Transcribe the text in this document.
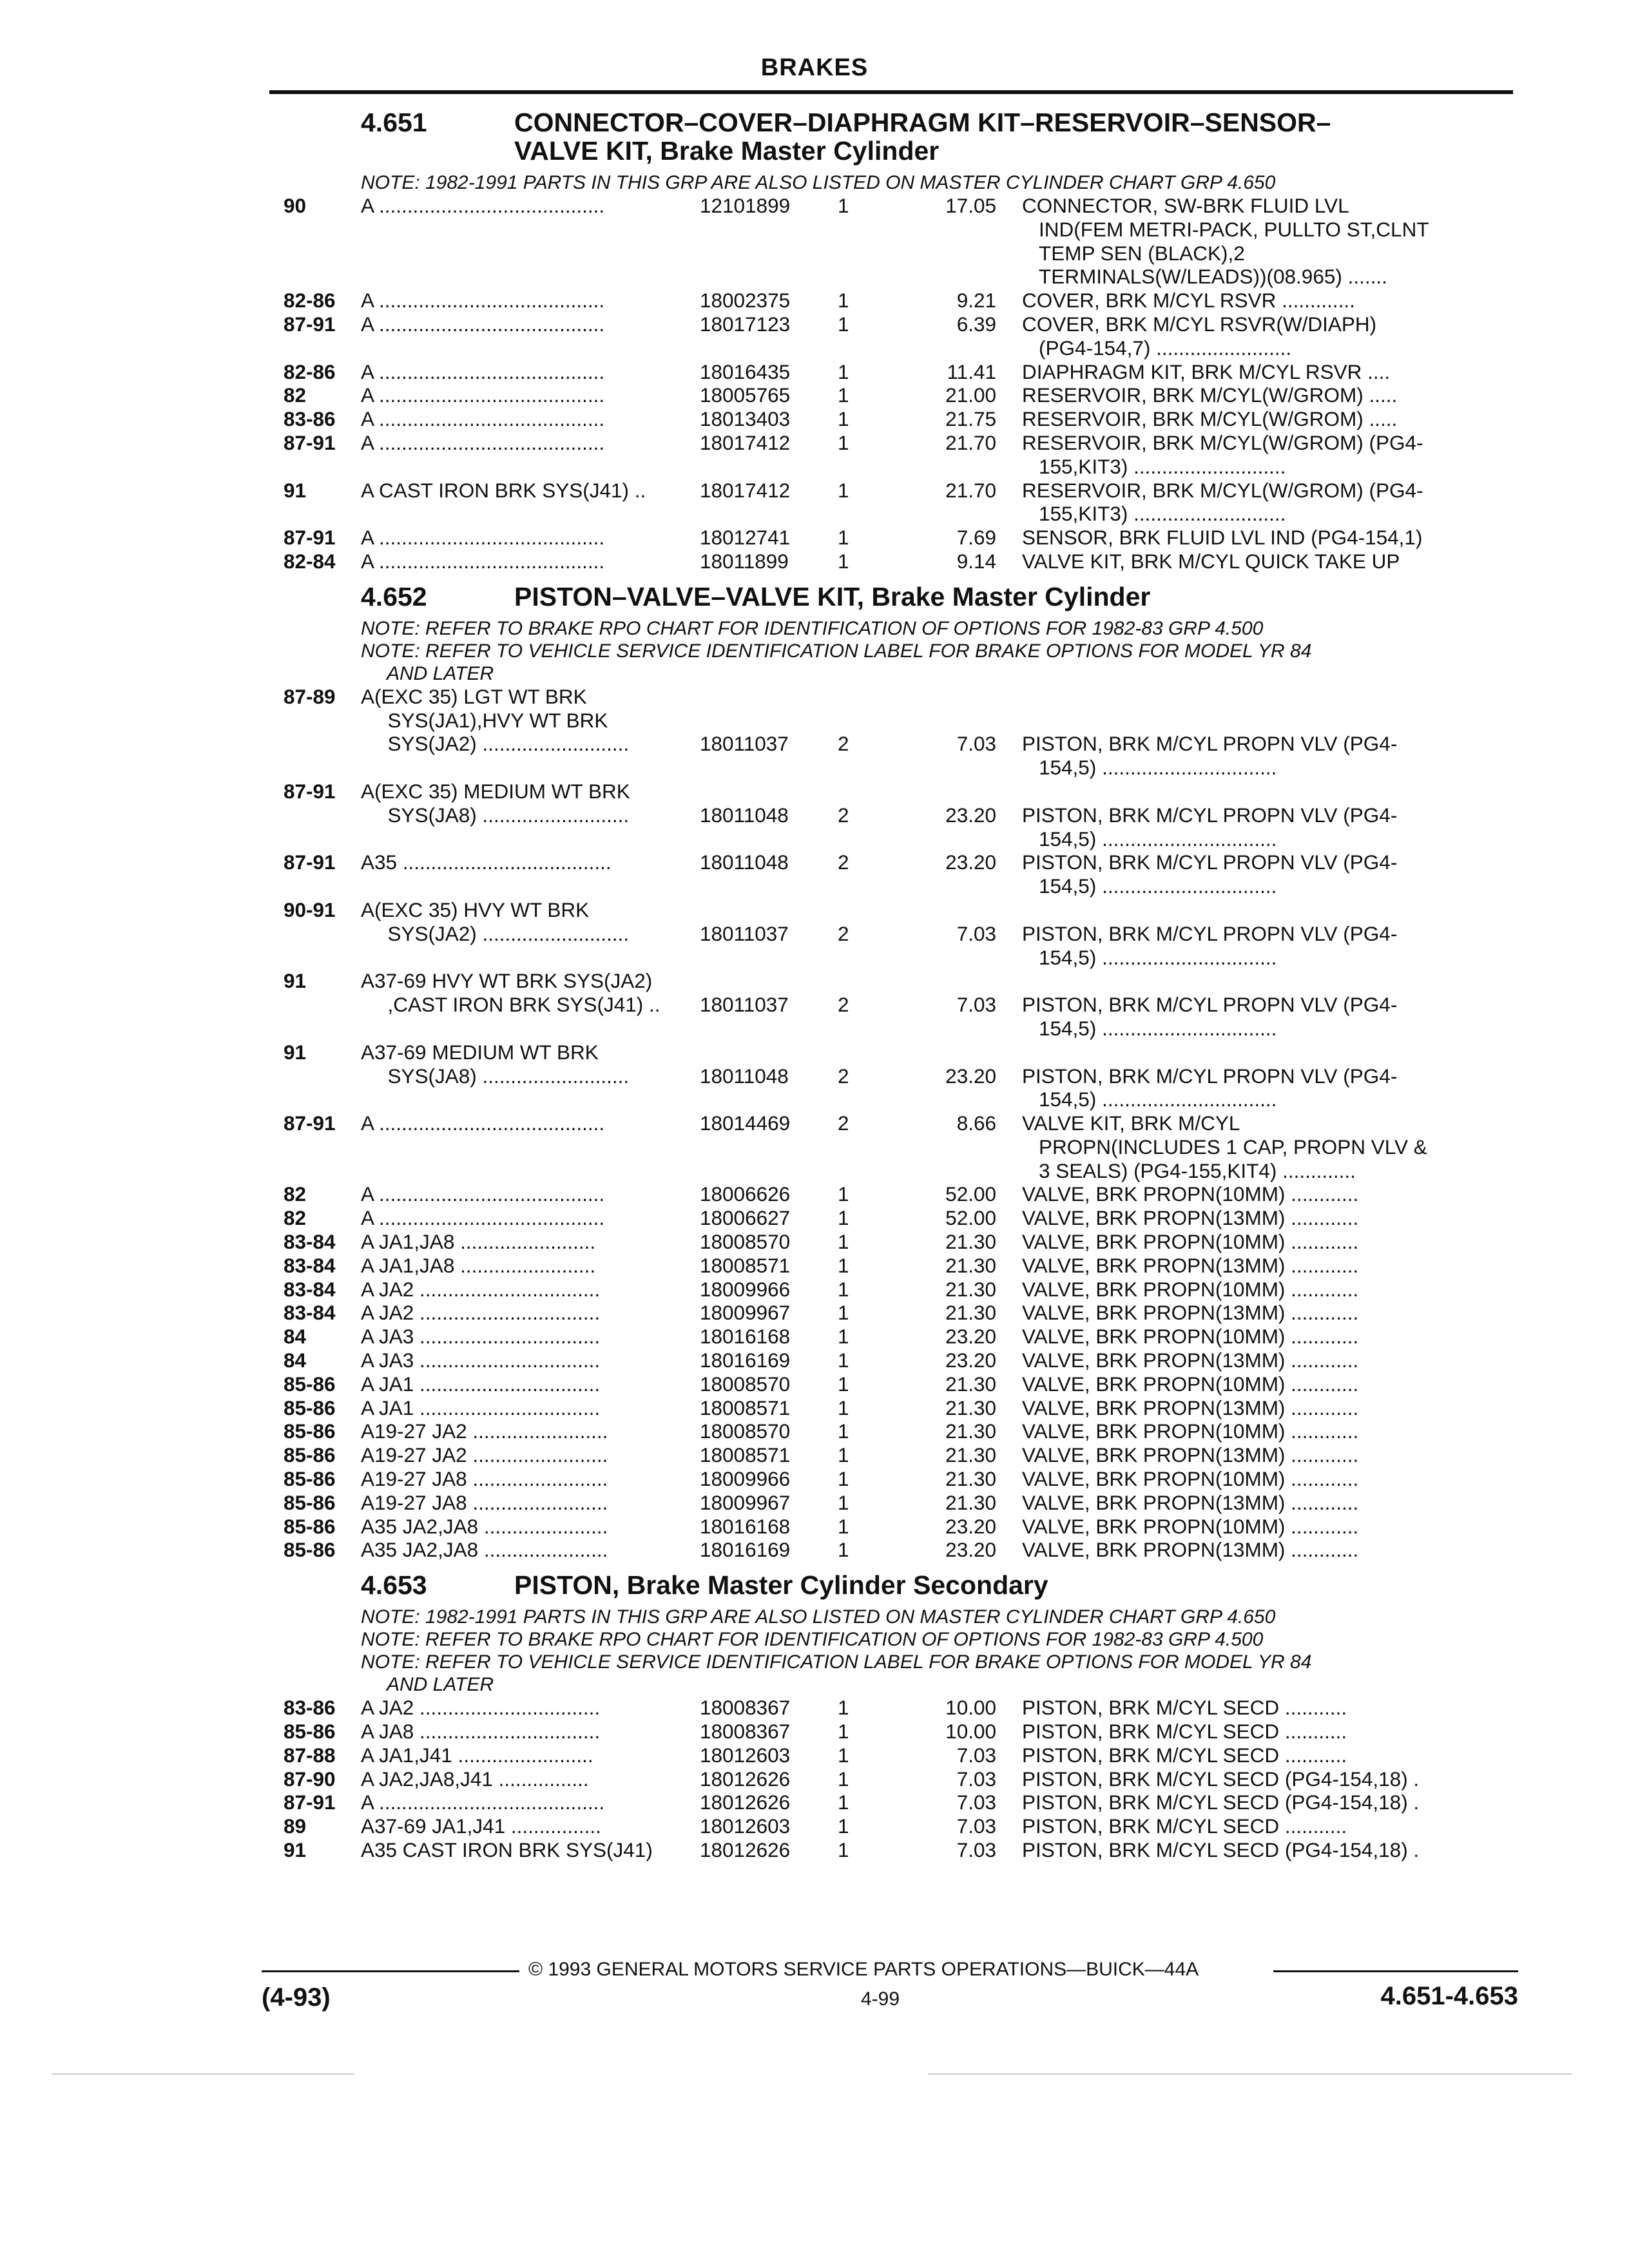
BRAKES
4.651	CONNECTOR–COVER–DIAPHRAGM KIT–RESERVOIR–SENSOR–
VALVE KIT, Brake Master Cylinder
NOTE: 1982-1991 PARTS IN THIS GRP ARE ALSO LISTED ON MASTER CYLINDER CHART GRP 4.650
90	A ........................................	12101899	1	17.05	CONNECTOR, SW-BRK FLUID LVL
IND(FEM METRI-PACK, PULLTO ST,CLNT
TEMP SEN (BLACK),2
TERMINALS(W/LEADS))(08.965) .......
82-86	A ........................................	18002375	1	9.21	COVER, BRK M/CYL RSVR .............
87-91	A ........................................	18017123	1	6.39	COVER, BRK M/CYL RSVR(W/DIAPH)
(PG4-154,7) ........................
82-86	A ........................................	18016435	1	11.41	DIAPHRAGM KIT, BRK M/CYL RSVR ....
82	A ........................................	18005765	1	21.00	RESERVOIR, BRK M/CYL(W/GROM) .....
83-86	A ........................................	18013403	1	21.75	RESERVOIR, BRK M/CYL(W/GROM) .....
87-91	A ........................................	18017412	1	21.70	RESERVOIR, BRK M/CYL(W/GROM) (PG4-
155,KIT3) ...........................
91	A CAST IRON BRK SYS(J41) ..	18017412	1	21.70	RESERVOIR, BRK M/CYL(W/GROM) (PG4-
155,KIT3) ...........................
87-91	A ........................................	18012741	1	7.69	SENSOR, BRK FLUID LVL IND (PG4-154,1)
82-84	A ........................................	18011899	1	9.14	VALVE KIT, BRK M/CYL QUICK TAKE UP
4.652	PISTON–VALVE–VALVE KIT, Brake Master Cylinder
NOTE: REFER TO BRAKE RPO CHART FOR IDENTIFICATION OF OPTIONS FOR 1982-83 GRP 4.500
NOTE: REFER TO VEHICLE SERVICE IDENTIFICATION LABEL FOR BRAKE OPTIONS FOR MODEL YR 84
AND LATER
87-89	A(EXC 35) LGT WT BRK
SYS(JA1),HVY WT BRK
SYS(JA2) ..........................	18011037	2	7.03	PISTON, BRK M/CYL PROPN VLV (PG4-
154,5) ...............................
87-91	A(EXC 35) MEDIUM WT BRK
SYS(JA8) ..........................	18011048	2	23.20	PISTON, BRK M/CYL PROPN VLV (PG4-
154,5) ...............................
87-91	A35 .....................................	18011048	2	23.20	PISTON, BRK M/CYL PROPN VLV (PG4-
154,5) ...............................
90-91	A(EXC 35) HVY WT BRK
SYS(JA2) ..........................	18011037	2	7.03	PISTON, BRK M/CYL PROPN VLV (PG4-
154,5) ...............................
91	A37-69 HVY WT BRK SYS(JA2)
,CAST IRON BRK SYS(J41) ..	18011037	2	7.03	PISTON, BRK M/CYL PROPN VLV (PG4-
154,5) ...............................
91	A37-69 MEDIUM WT BRK
SYS(JA8) ..........................	18011048	2	23.20	PISTON, BRK M/CYL PROPN VLV (PG4-
154,5) ...............................
87-91	A ........................................	18014469	2	8.66	VALVE KIT, BRK M/CYL
PROPN(INCLUDES 1 CAP, PROPN VLV &
3 SEALS) (PG4-155,KIT4) .............
82	A ........................................	18006626	1	52.00	VALVE, BRK PROPN(10MM) ............
82	A ........................................	18006627	1	52.00	VALVE, BRK PROPN(13MM) ............
83-84	A JA1,JA8 ........................	18008570	1	21.30	VALVE, BRK PROPN(10MM) ............
83-84	A JA1,JA8 ........................	18008571	1	21.30	VALVE, BRK PROPN(13MM) ............
83-84	A JA2 ................................	18009966	1	21.30	VALVE, BRK PROPN(10MM) ............
83-84	A JA2 ................................	18009967	1	21.30	VALVE, BRK PROPN(13MM) ............
84	A JA3 ................................	18016168	1	23.20	VALVE, BRK PROPN(10MM) ............
84	A JA3 ................................	18016169	1	23.20	VALVE, BRK PROPN(13MM) ............
85-86	A JA1 ................................	18008570	1	21.30	VALVE, BRK PROPN(10MM) ............
85-86	A JA1 ................................	18008571	1	21.30	VALVE, BRK PROPN(13MM) ............
85-86	A19-27 JA2 ........................	18008570	1	21.30	VALVE, BRK PROPN(10MM) ............
85-86	A19-27 JA2 ........................	18008571	1	21.30	VALVE, BRK PROPN(13MM) ............
85-86	A19-27 JA8 ........................	18009966	1	21.30	VALVE, BRK PROPN(10MM) ............
85-86	A19-27 JA8 ........................	18009967	1	21.30	VALVE, BRK PROPN(13MM) ............
85-86	A35 JA2,JA8 ......................	18016168	1	23.20	VALVE, BRK PROPN(10MM) ............
85-86	A35 JA2,JA8 ......................	18016169	1	23.20	VALVE, BRK PROPN(13MM) ............
4.653	PISTON, Brake Master Cylinder Secondary
NOTE: 1982-1991 PARTS IN THIS GRP ARE ALSO LISTED ON MASTER CYLINDER CHART GRP 4.650
NOTE: REFER TO BRAKE RPO CHART FOR IDENTIFICATION OF OPTIONS FOR 1982-83 GRP 4.500
NOTE: REFER TO VEHICLE SERVICE IDENTIFICATION LABEL FOR BRAKE OPTIONS FOR MODEL YR 84
AND LATER
83-86	A JA2 ................................	18008367	1	10.00	PISTON, BRK M/CYL SECD ...........
85-86	A JA8 ................................	18008367	1	10.00	PISTON, BRK M/CYL SECD ...........
87-88	A JA1,J41 ........................	18012603	1	7.03	PISTON, BRK M/CYL SECD ...........
87-90	A JA2,JA8,J41 ................	18012626	1	7.03	PISTON, BRK M/CYL SECD (PG4-154,18) .
87-91	A ........................................	18012626	1	7.03	PISTON, BRK M/CYL SECD (PG4-154,18) .
89	A37-69 JA1,J41 ................	18012603	1	7.03	PISTON, BRK M/CYL SECD ...........
91	A35 CAST IRON BRK SYS(J41)	18012626	1	7.03	PISTON, BRK M/CYL SECD (PG4-154,18) .
© 1993 GENERAL MOTORS SERVICE PARTS OPERATIONS—BUICK—44A
(4-93)	4-99	4.651-4.653
